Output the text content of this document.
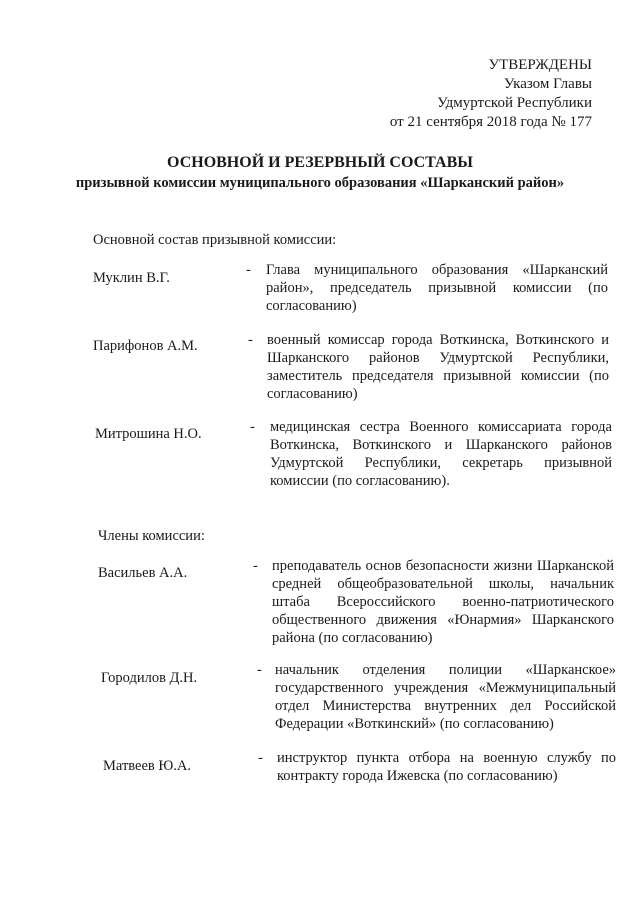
УТВЕРЖДЕНЫ
Указом Главы
Удмуртской Республики
от 21 сентября 2018 года № 177
ОСНОВНОЙ И РЕЗЕРВНЫЙ СОСТАВЫ
призывной комиссии муниципального образования «Шарканский район»
Основной состав призывной комиссии:
Муклин В.Г.	- Глава муниципального образования «Шарканский район», председатель призывной комиссии (по согласованию)
Парифонов А.М.	- военный комиссар города Воткинска, Воткинского и Шарканского районов Удмуртской Республики, заместитель председателя призывной комиссии (по согласованию)
Митрошина Н.О.	- медицинская сестра Военного комиссариата города Воткинска, Воткинского и Шарканского районов Удмуртской Республики, секретарь призывной комиссии (по согласованию).
Члены комиссии:
Васильев А.А.	- преподаватель основ безопасности жизни Шарканской средней общеобразовательной школы, начальник штаба Всероссийского военно-патриотического общественного движения «Юнармия» Шарканского района (по согласованию)
Городилов Д.Н.	- начальник отделения полиции «Шарканское» государственного учреждения «Межмуниципальный отдел Министерства внутренних дел Российской Федерации «Воткинский» (по согласованию)
Матвеев Ю.А.	- инструктор пункта отбора на военную службу по контракту города Ижевска (по согласованию)
